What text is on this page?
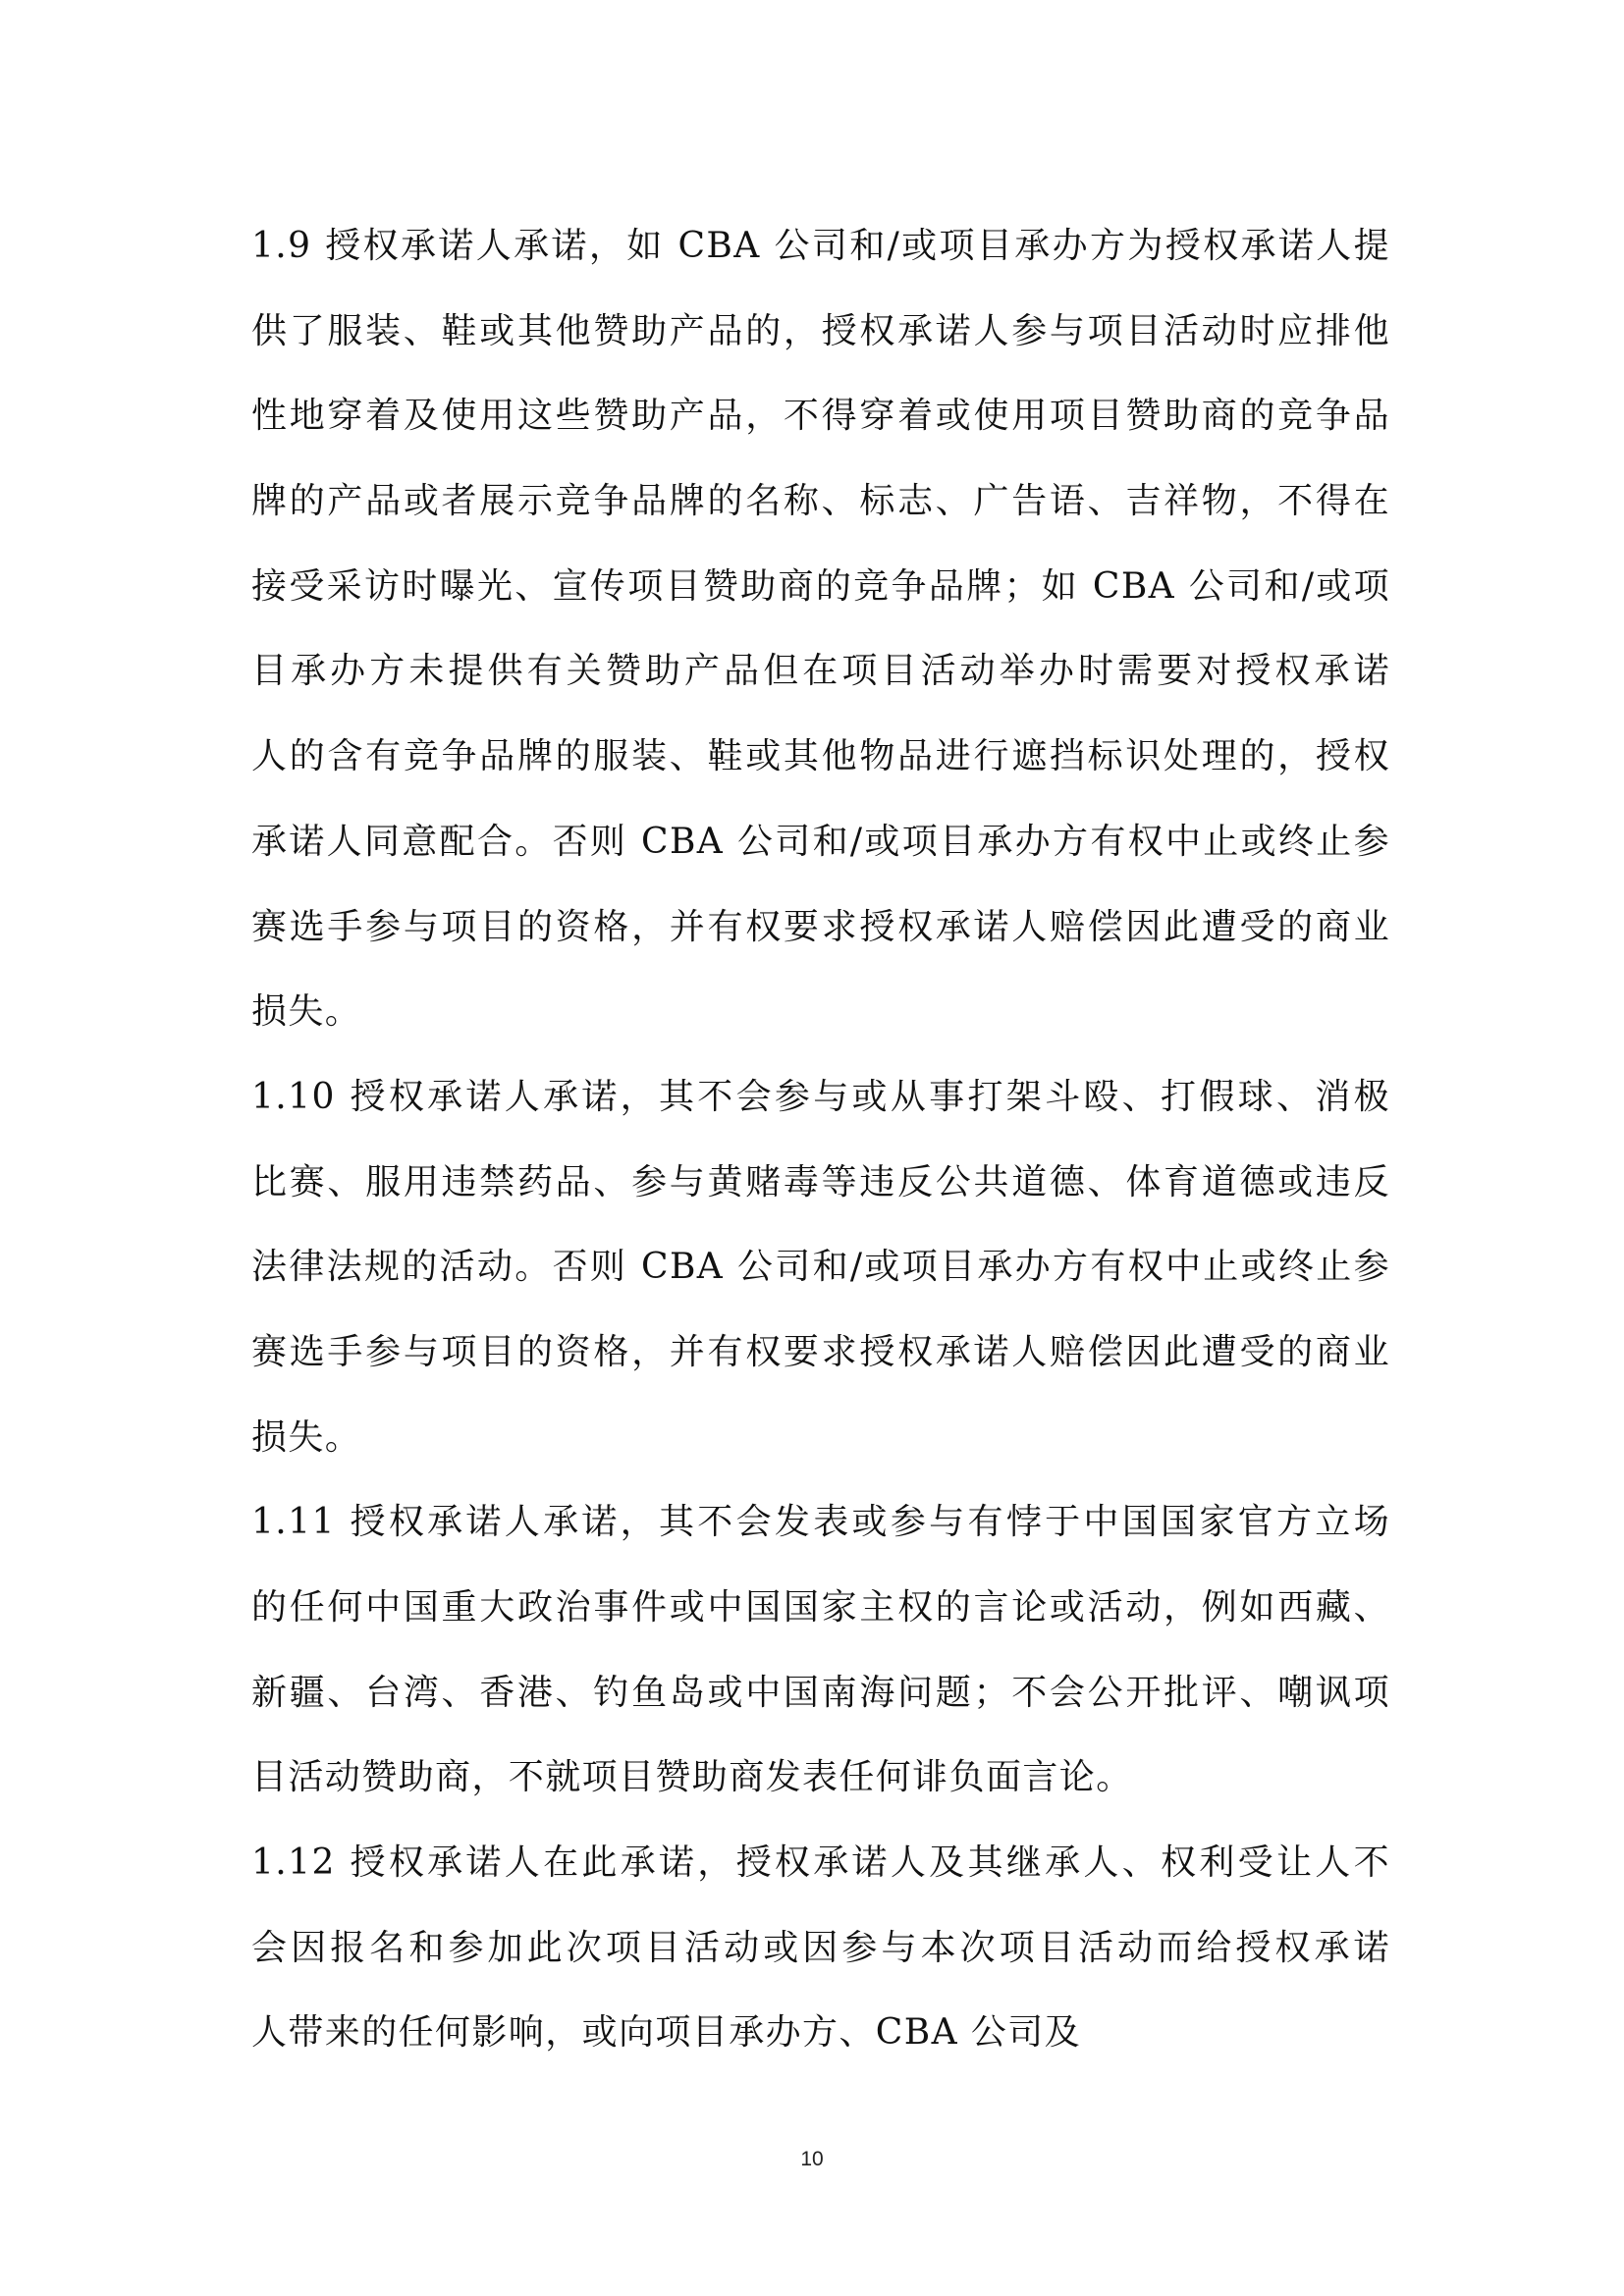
1.9 授权承诺人承诺，如 CBA 公司和/或项目承办方为授权承诺人提
供了服装、鞋或其他赞助产品的，授权承诺人参与项目活动时应排他
性地穿着及使用这些赞助产品，不得穿着或使用项目赞助商的竞争品
牌的产品或者展示竞争品牌的名称、标志、广告语、吉祥物，不得在
接受采访时曝光、宣传项目赞助商的竞争品牌；如 CBA 公司和/或项
目承办方未提供有关赞助产品但在项目活动举办时需要对授权承诺
人的含有竞争品牌的服装、鞋或其他物品进行遮挡标识处理的，授权
承诺人同意配合。否则 CBA 公司和/或项目承办方有权中止或终止参
赛选手参与项目的资格，并有权要求授权承诺人赔偿因此遭受的商业
损失。
1.10 授权承诺人承诺，其不会参与或从事打架斗殴、打假球、消极
比赛、服用违禁药品、参与黄赌毒等违反公共道德、体育道德或违反
法律法规的活动。否则 CBA 公司和/或项目承办方有权中止或终止参
赛选手参与项目的资格，并有权要求授权承诺人赔偿因此遭受的商业
损失。
1.11 授权承诺人承诺，其不会发表或参与有悖于中国国家官方立场
的任何中国重大政治事件或中国国家主权的言论或活动，例如西藏、
新疆、台湾、香港、钓鱼岛或中国南海问题；不会公开批评、嘲讽项
目活动赞助商，不就项目赞助商发表任何诽负面言论。
1.12 授权承诺人在此承诺，授权承诺人及其继承人、权利受让人不
会因报名和参加此次项目活动或因参与本次项目活动而给授权承诺
人带来的任何影响，或向项目承办方、CBA 公司及
10
